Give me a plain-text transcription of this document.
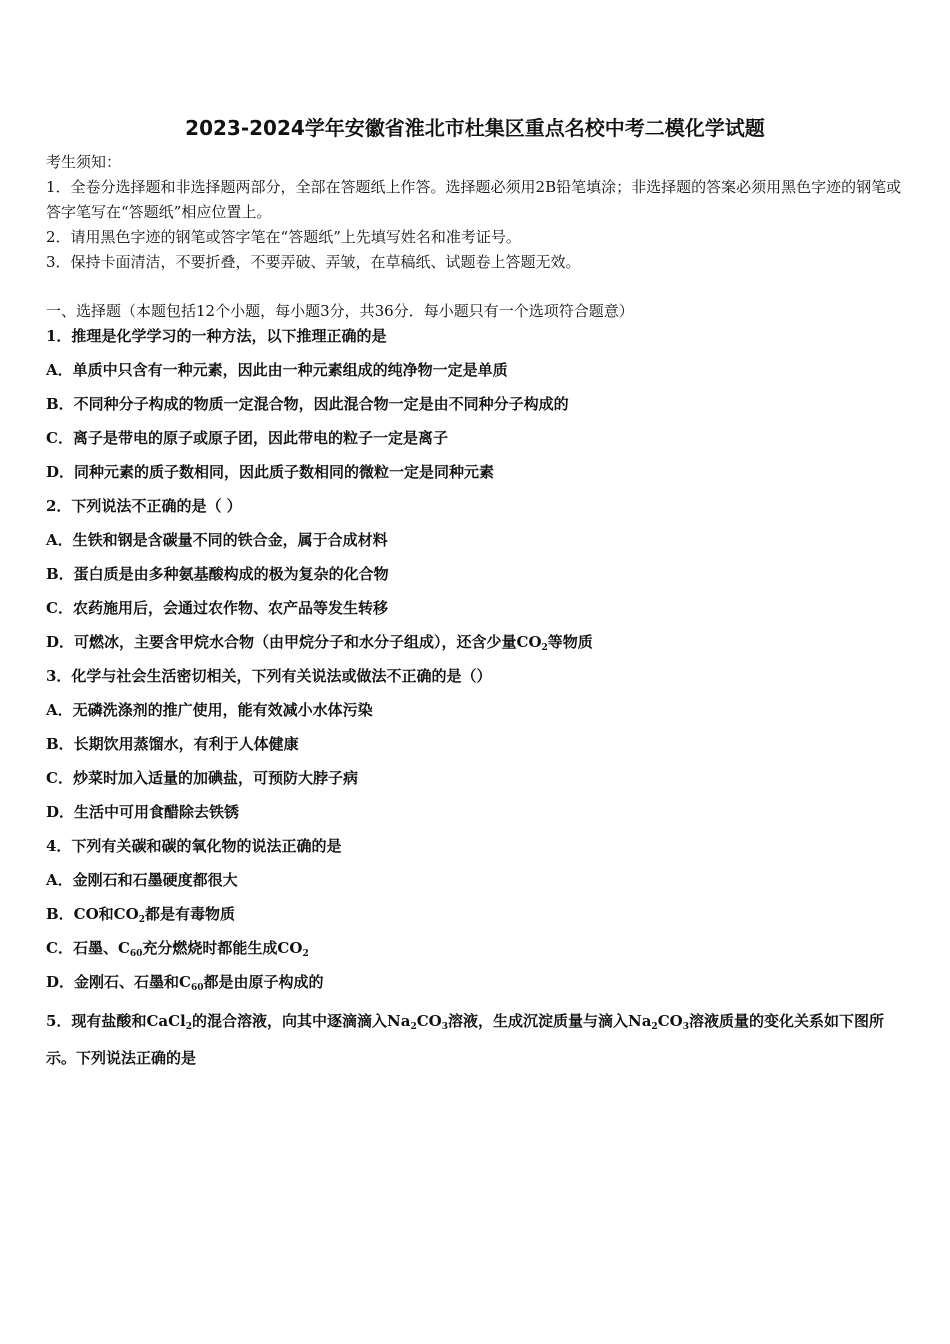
2023-2024学年安徽省淮北市杜集区重点名校中考二模化学试题
考生须知：
1．全卷分选择题和非选择题两部分，全部在答题纸上作答。选择题必须用2B铅笔填涂；非选择题的答案必须用黑色字迹的钢笔或答字笔写在“答题纸”相应位置上。
2．请用黑色字迹的钢笔或答字笔在“答题纸”上先填写姓名和准考证号。
3．保持卡面清洁，不要折叠，不要弄破、弄皱，在草稿纸、试题卷上答题无效。
一、选择题（本题包括12个小题，每小题3分，共36分．每小题只有一个选项符合题意）
1．推理是化学学习的一种方法，以下推理正确的是
A．单质中只含有一种元素，因此由一种元素组成的纯净物一定是单质
B．不同种分子构成的物质一定混合物，因此混合物一定是由不同种分子构成的
C．离子是带电的原子或原子团，因此带电的粒子一定是离子
D．同种元素的质子数相同，因此质子数相同的微粒一定是同种元素
2．下列说法不正确的是（ ）
A．生铁和钢是含碳量不同的铁合金，属于合成材料
B．蛋白质是由多种氨基酸构成的极为复杂的化合物
C．农药施用后，会通过农作物、农产品等发生转移
D．可燃冰，主要含甲烷水合物（由甲烷分子和水分子组成），还含少量$CO_2$等物质
3．化学与社会生活密切相关，下列有关说法或做法不正确的是（）
A．无磷洗涤剂的推广使用，能有效减小水体污染
B．长期饮用蒸馏水，有利于人体健康
C．炒菜时加入适量的加碘盐，可预防大脖子病
D．生活中可用食醋除去铁锈
4．下列有关碳和碳的氧化物的说法正确的是
A．金刚石和石墨硬度都很大
B．CO和$CO_2$都是有毒物质
C．石墨、$C_{60}$充分燃烧时都能生成$CO_2$
D．金刚石、石墨和$C_{60}$都是由原子构成的
5．现有盐酸和CaCl$_2$的混合溶液，向其中逐滴滴入$Na_2CO_3$溶液，生成沉淀质量与滴入$Na_2CO_3$溶液质量的变化关系如下图所示。下列说法正确的是
